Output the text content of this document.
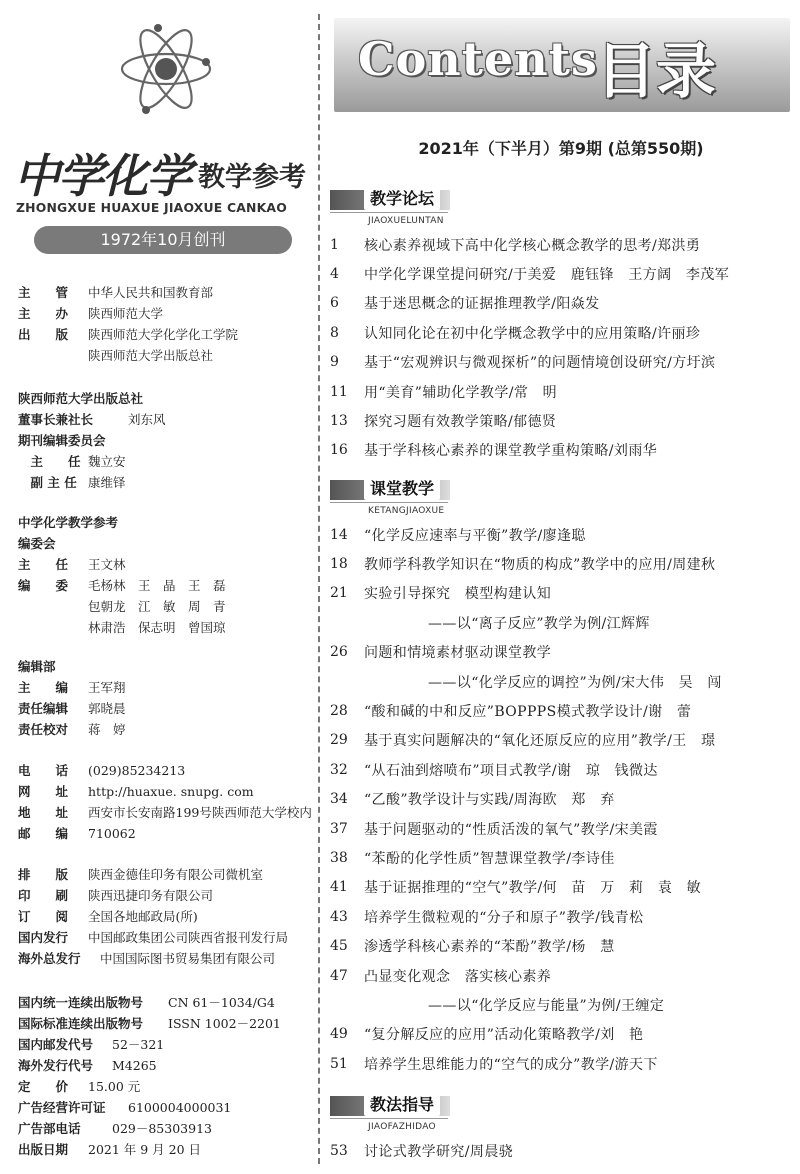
中学化学 教学参考
ZHONGXUE HUAXUE JIAOXUE CANKAO
1972年10月创刊
主　　管	中华人民共和国教育部
主　　办	陕西师范大学
出　　版	陕西师范大学化学化工学院
陕西师范大学出版总社
陕西师范大学出版总社
董事长兼社长	刘东风
期刊编辑委员会
　主　　任 魏立安
　副 主 任 康维铎
中学化学教学参考
编委会
主　　任	王文林
编　　委	毛杨林　王　晶　王　磊
包朝龙　江　敏　周　青
林肃浩　保志明　曾国琼
编辑部
主　　编	王军翔
责任编辑	郭晓晨
责任校对	蒋　婷
电　　话	(029)85234213
网　　址	http://huaxue. snupg. com
地　　址	西安市长安南路199号陕西师范大学校内
邮　　编	710062
排　　版	陕西金德佳印务有限公司微机室
印　　刷	陕西迅捷印务有限公司
订　　阅	全国各地邮政局(所)
国内发行	中国邮政集团公司陕西省报刊发行局
海外总发行	中国国际图书贸易集团有限公司
国内统一连续出版物号	CN 61－1034/G4
国际标准连续出版物号	ISSN 1002－2201
国内邮发代号	52－321
海外发行代号	M4265
定　　价	15.00 元
广告经营许可证	6100004000031
广告部电话	029－85303913
出版日期	2021 年 9 月 20 日
Contents
目录
2021年（下半月）第9期 (总第550期)
教学论坛
JIAOXUELUNTAN
1	核心素养视域下高中化学核心概念教学的思考/郑洪勇
4	中学化学课堂提问研究/于美爱　鹿钰锋　王方阔　李茂军
6	基于迷思概念的证据推理教学/阳焱发
8	认知同化论在初中化学概念教学中的应用策略/许丽珍
9	基于“宏观辨识与微观探析”的问题情境创设研究/方圩滨
11	用“美育”辅助化学教学/常　明
13	探究习题有效教学策略/郁德贤
16	基于学科核心素养的课堂教学重构策略/刘雨华
课堂教学
KETANGJIAOXUE
14	“化学反应速率与平衡”教学/廖逢聪
18	教师学科教学知识在“物质的构成”教学中的应用/周建秋
21	实验引导探究　模型构建认知
——以“离子反应”教学为例/江辉辉
26	问题和情境素材驱动课堂教学
——以“化学反应的调控”为例/宋大伟　吴　闯
28	“酸和碱的中和反应”BOPPPS模式教学设计/谢　蕾
29	基于真实问题解决的“氧化还原反应的应用”教学/王　璟
32	“从石油到熔喷布”项目式教学/谢　琼　钱微达
34	“乙酸”教学设计与实践/周海欧　郑　弃
37	基于问题驱动的“性质活泼的氧气”教学/宋美霞
38	“苯酚的化学性质”智慧课堂教学/李诗佳
41	基于证据推理的“空气”教学/何　苗　万　莉　袁　敏
43	培养学生微粒观的“分子和原子”教学/钱青松
45	渗透学科核心素养的“苯酚”教学/杨　慧
47	凸显变化观念　落实核心素养
——以“化学反应与能量”为例/王缠定
49	“复分解反应的应用”活动化策略教学/刘　艳
51	培养学生思维能力的“空气的成分”教学/游天下
教法指导
JIAOFAZHIDAO
53	讨论式教学研究/周晨骁
